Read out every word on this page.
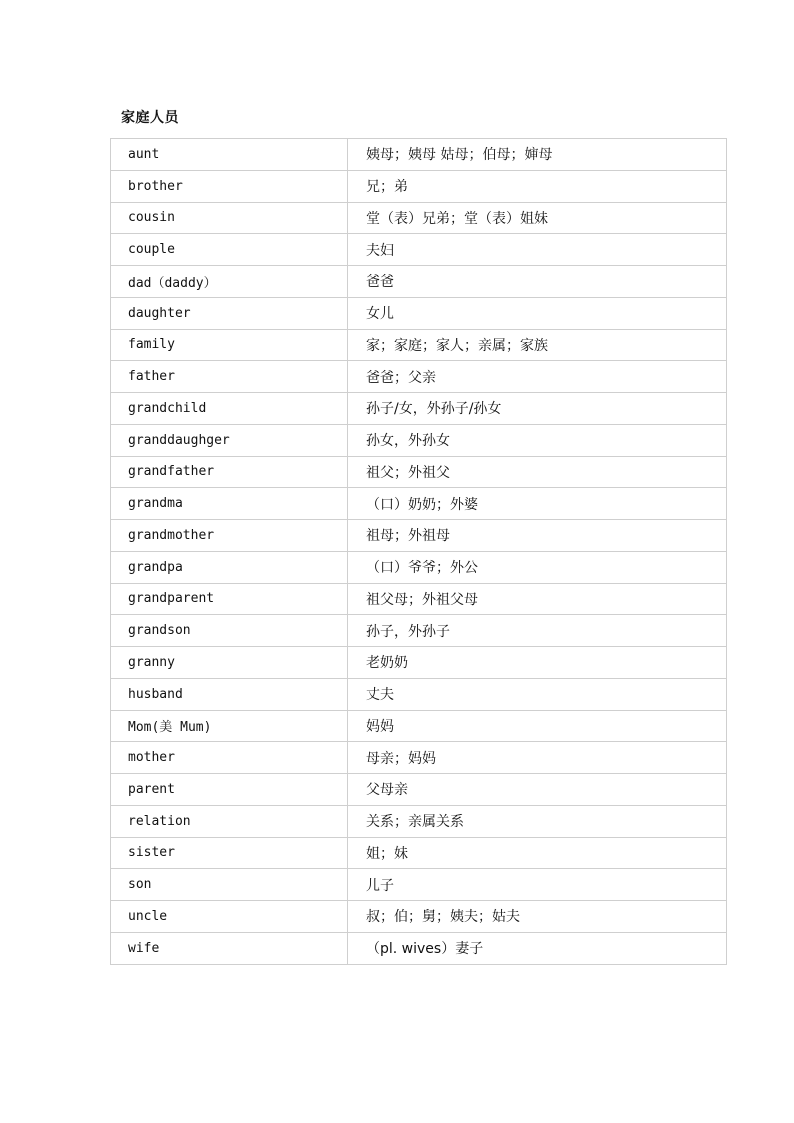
家庭人员
aunt	姨母；姨母 姑母；伯母；婶母
brother	兄；弟
cousin	堂（表）兄弟；堂（表）姐妹
couple	夫妇
dad（daddy）	爸爸
daughter	女儿
family	家；家庭；家人；亲属；家族
father	爸爸；父亲
grandchild	孙子/女，外孙子/孙女
granddaughger	孙女，外孙女
grandfather	祖父；外祖父
grandma	（口）奶奶；外婆
grandmother	祖母；外祖母
grandpa	（口）爷爷；外公
grandparent	祖父母；外祖父母
grandson	孙子，外孙子
granny	老奶奶
husband	丈夫
Mom(美 Mum)	妈妈
mother	母亲；妈妈
parent	父母亲
relation	关系；亲属关系
sister	姐；妹
son	儿子
uncle	叔；伯；舅；姨夫；姑夫
wife	（pl. wives）妻子
